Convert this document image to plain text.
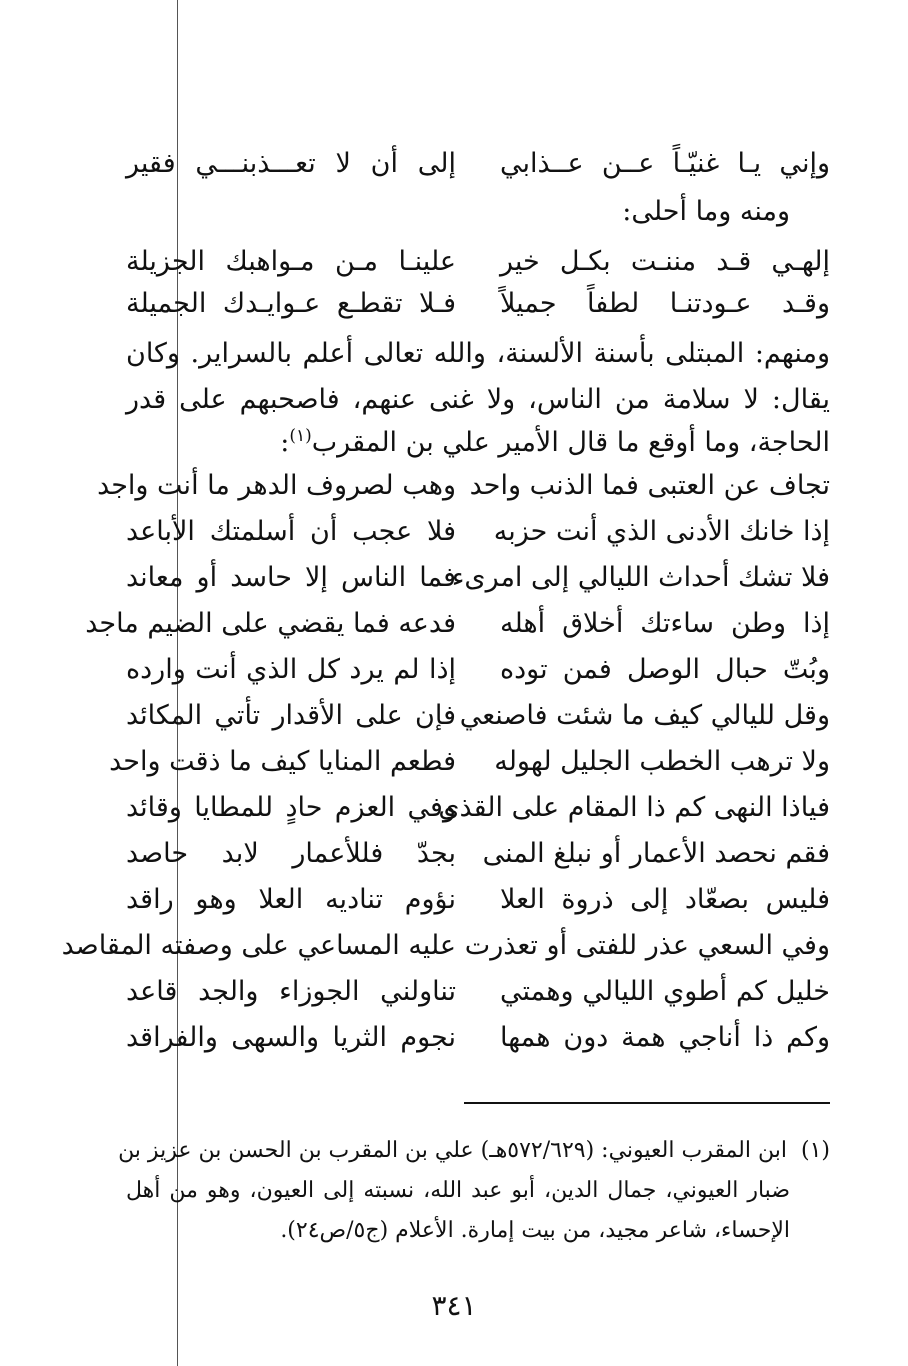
وإني يـا غنيّـاً عــن عــذابي
إلى أن لا تعـــذبنـــي فقير
ومنه وما أحلى:
إلهـي قـد مننـت بكـل خير
علينـا مـن مـواهبك الجزيلة
وقـد عـودتنـا لطفاً جميلاً
فـلا تقطـع عـوايـدك الجميلة
ومنهم: المبتلى بأسنة الألسنة، والله تعالى أعلم بالسراير. وكان
يقال: لا سلامة من الناس، ولا غنى عنهم، فاصحبهم على قدر
الحاجة، وما أوقع ما قال الأمير علي بن المقرب$^{(١)}$:
تجاف عن العتبى فما الذنب واحد
وهب لصروف الدهر ما أنت واجد
إذا خانك الأدنى الذي أنت حزبه
فلا عجب أن أسلمتك الأباعد
فلا تشك أحداث الليالي إلى امرىء
فما الناس إلا حاسد أو معاند
إذا وطن ساءتك أخلاق أهله
فدعه فما يقضي على الضيم ماجد
وبُتّ حبال الوصل فمن توده
إذا لم يرد كل الذي أنت وارده
وقل لليالي كيف ما شئت فاصنعي
فإن على الأقدار تأتي المكائد
ولا ترهب الخطب الجليل لهوله
فطعم المنايا كيف ما ذقت واحد
فياذا النهى كم ذا المقام على القذى
وفي العزم حادٍ للمطايا وقائد
فقم نحصد الأعمار أو نبلغ المنى
بجدّ فللأعمار لابد حاصد
فليس بصعّاد إلى ذروة العلا
نؤوم تناديه العلا وهو راقد
وفي السعي عذر للفتى أو تعذرت
عليه المساعي على وصفته المقاصد
خليل كم أطوي الليالي وهمتي
تناولني الجوزاء والجد قاعد
وكم ذا أناجي همة دون همها
نجوم الثريا والسهى والفراقد
(١)  ابن المقرب العيوني: (٥٧٢/٦٢٩هـ) علي بن المقرب بن الحسن بن عزيز بن
ضبار العيوني، جمال الدين، أبو عبد الله، نسبته إلى العيون، وهو من أهل
الإحساء، شاعر مجيد، من بيت إمارة. الأعلام (ج٥/ص٢٤).
٣٤١
